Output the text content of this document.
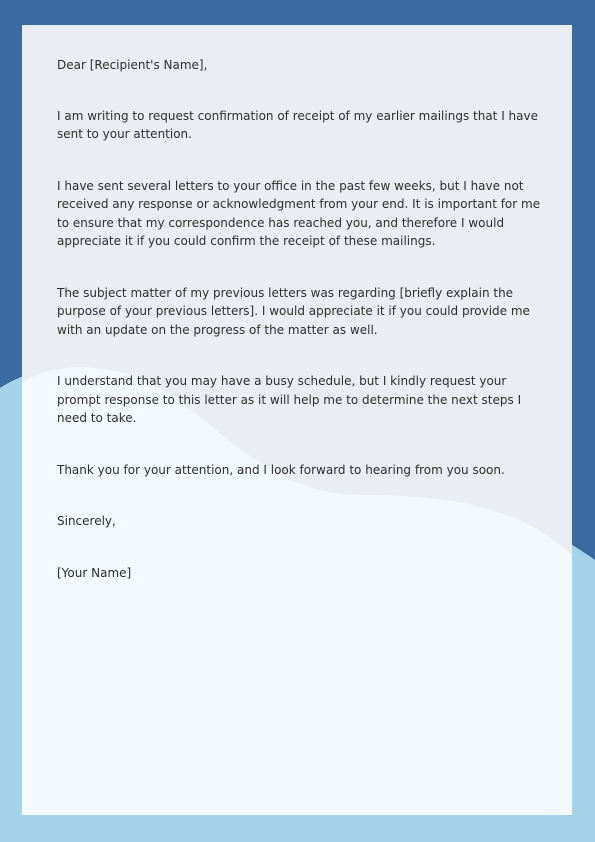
Dear [Recipient's Name],

I am writing to request confirmation of receipt of my earlier mailings that I have sent to your attention.

I have sent several letters to your office in the past few weeks, but I have not received any response or acknowledgment from your end. It is important for me to ensure that my correspondence has reached you, and therefore I would appreciate it if you could confirm the receipt of these mailings.

The subject matter of my previous letters was regarding [briefly explain the purpose of your previous letters]. I would appreciate it if you could provide me with an update on the progress of the matter as well.

I understand that you may have a busy schedule, but I kindly request your prompt response to this letter as it will help me to determine the next steps I need to take.

Thank you for your attention, and I look forward to hearing from you soon.

Sincerely,

[Your Name]
